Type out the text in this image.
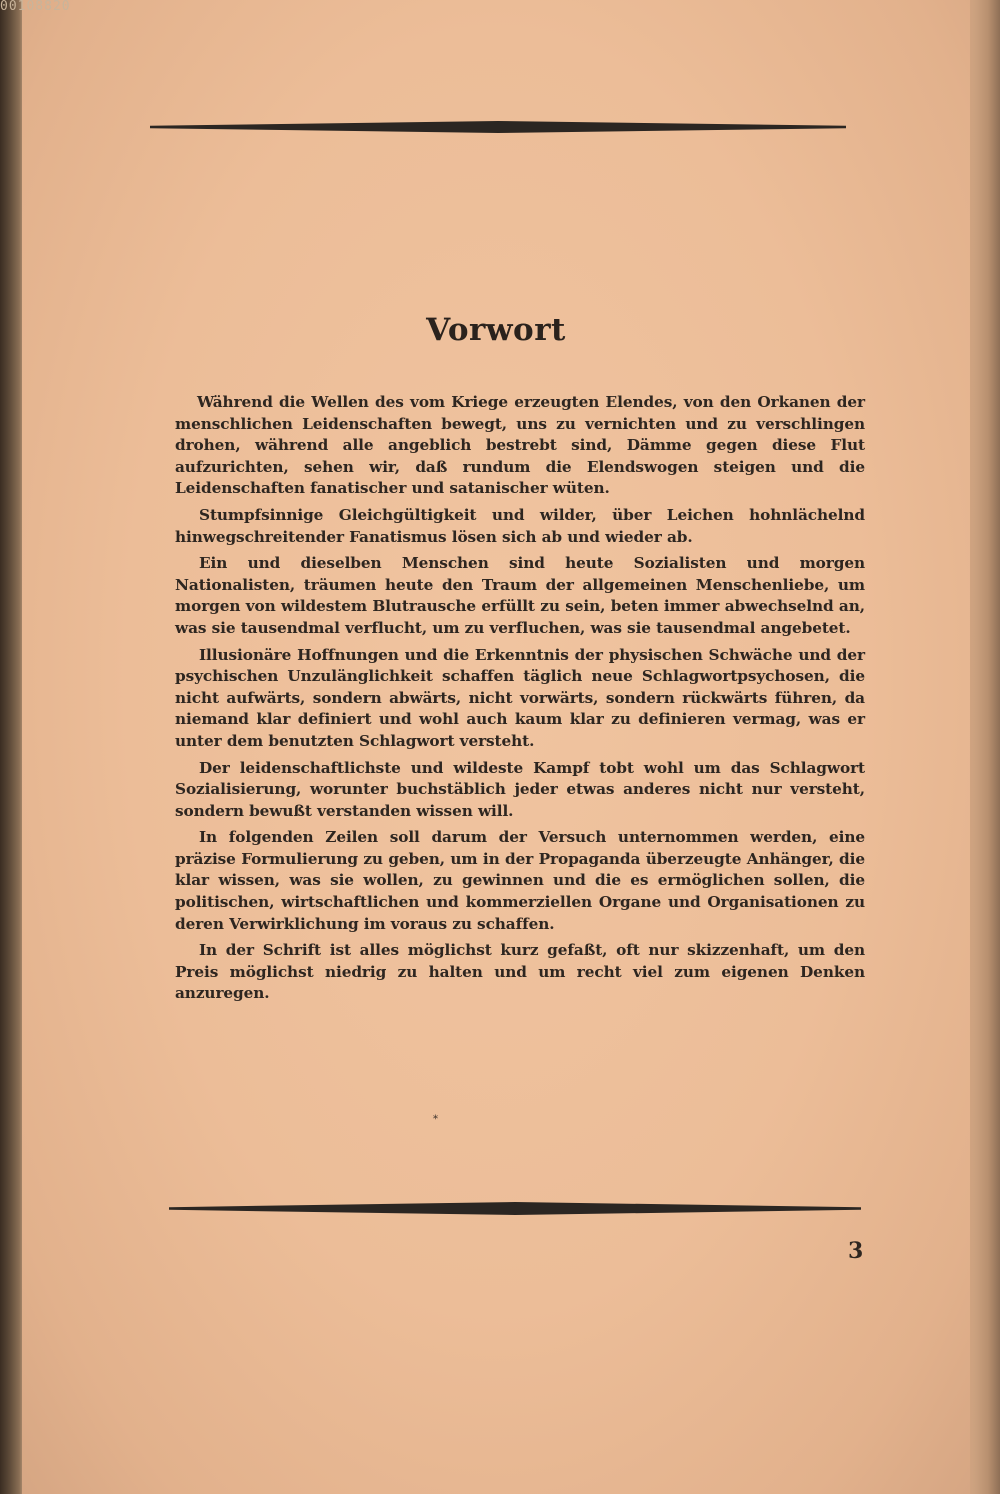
00108820
Vorwort

Während die Wellen des vom Kriege erzeugten Elendes, von den Orkanen der menschlichen Leidenschaften bewegt, uns zu vernichten und zu verschlingen drohen, während alle angeblich bestrebt sind, Dämme gegen diese Flut aufzurichten, sehen wir, daß rundum die Elendswogen steigen und die Leidenschaften fanatischer und satanischer wüten.

Stumpfsinnige Gleichgültigkeit und wilder, über Leichen hohnlächelnd hinwegschreitender Fanatismus lösen sich ab und wieder ab.

Ein und dieselben Menschen sind heute Sozialisten und morgen Nationalisten, träumen heute den Traum der allgemeinen Menschenliebe, um morgen von wildestem Blutrausche erfüllt zu sein, beten immer abwechselnd an, was sie tausendmal verflucht, um zu verfluchen, was sie tausendmal angebetet.

Illusionäre Hoffnungen und die Erkenntnis der physischen Schwäche und der psychischen Unzulänglichkeit schaffen täglich neue Schlagwortpsychosen, die nicht aufwärts, sondern abwärts, nicht vorwärts, sondern rückwärts führen, da niemand klar definiert und wohl auch kaum klar zu definieren vermag, was er unter dem benutzten Schlagwort versteht.

Der leidenschaftlichste und wildeste Kampf tobt wohl um das Schlagwort Sozialisierung, worunter buchstäblich jeder etwas anderes nicht nur versteht, sondern bewußt verstanden wissen will.

In folgenden Zeilen soll darum der Versuch unternommen werden, eine präzise Formulierung zu geben, um in der Propaganda überzeugte Anhänger, die klar wissen, was sie wollen, zu gewinnen und die es ermöglichen sollen, die politischen, wirtschaftlichen und kommerziellen Organe und Organisationen zu deren Verwirklichung im voraus zu schaffen.

In der Schrift ist alles möglichst kurz gefaßt, oft nur skizzenhaft, um den Preis möglichst niedrig zu halten und um recht viel zum eigenen Denken anzuregen.

*
3
